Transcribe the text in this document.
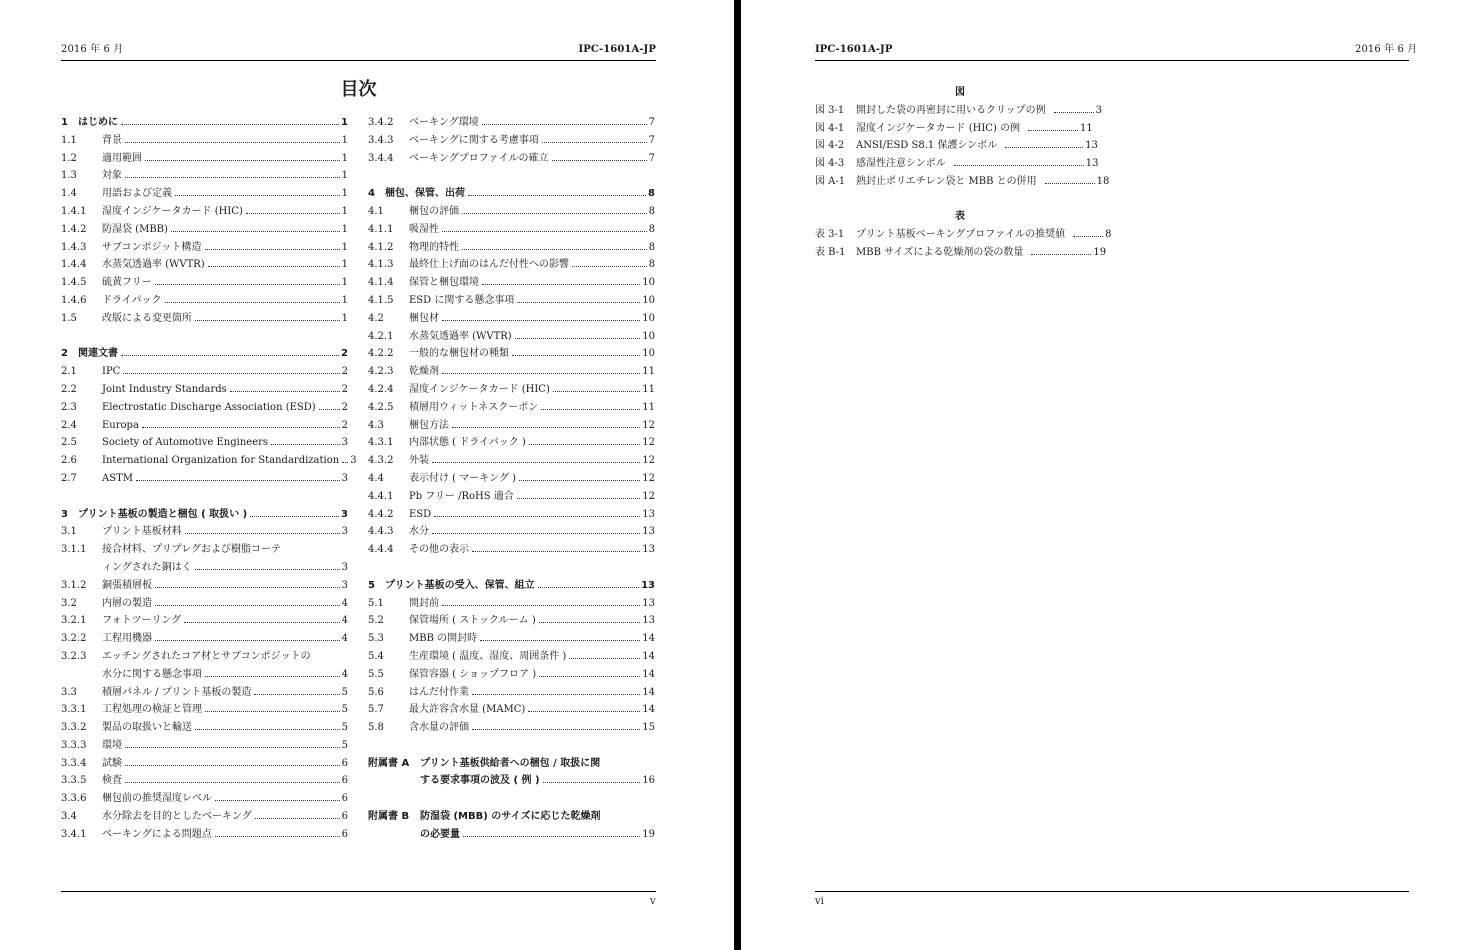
2016 年 6 月	IPC-1601A-JP
目次
1	はじめに	1
1.1	背景	1
1.2	適用範囲	1
1.3	対象	1
1.4	用語および定義	1
1.4.1	湿度インジケータカード (HIC)	1
1.4.2	防湿袋 (MBB)	1
1.4.3	サブコンポジット構造	1
1.4.4	水蒸気透過率 (WVTR)	1
1.4.5	硫黄フリー	1
1.4.6	ドライパック	1
1.5	改版による変更箇所	1
2	関連文書	2
2.1	IPC	2
2.2	Joint Industry Standards	2
2.3	Electrostatic Discharge Association (ESD)	2
2.4	Europa	2
2.5	Society of Automotive Engineers	3
2.6	International Organization for Standardization 3
2.7	ASTM	3
3	プリント基板の製造と梱包 ( 取扱い )	3
3.1	プリント基板材料	3
3.1.1	接合材料、プリプレグおよび樹脂コーテ
ィングされた銅はく	3
3.1.2	銅張積層板	3
3.2	内層の製造	4
3.2.1	フォトツーリング	4
3.2.2	工程用機器	4
3.2.3	エッチングされたコア材とサブコンポジットの
水分に関する懸念事項	4
3.3	積層パネル / プリント基板の製造	5
3.3.1	工程処理の検証と管理	5
3.3.2	製品の取扱いと輸送	5
3.3.3	環境	5
3.3.4	試験	6
3.3.5	検査	6
3.3.6	梱包前の推奨湿度レベル	6
3.4	水分除去を目的としたベーキング	6
3.4.1	ベーキングによる問題点	6
3.4.2	ベーキング環境	7
3.4.3	ベーキングに関する考慮事項	7
3.4.4	ベーキングプロファイルの確立	7
4	梱包、保管、出荷	8
4.1	梱包の評価	8
4.1.1	吸湿性	8
4.1.2	物理的特性	8
4.1.3	最終仕上げ面のはんだ付性への影響	8
4.1.4	保管と梱包環境	10
4.1.5	ESD に関する懸念事項	10
4.2	梱包材	10
4.2.1	水蒸気透過率 (WVTR)	10
4.2.2	一般的な梱包材の種類	10
4.2.3	乾燥剤	11
4.2.4	湿度インジケータカード (HIC)	11
4.2.5	積層用ウィットネスクーポン	11
4.3	梱包方法	12
4.3.1	内部状態 ( ドライパック )	12
4.3.2	外装	12
4.4	表示付け ( マーキング )	12
4.4.1	Pb フリー /RoHS 適合	12
4.4.2	ESD	13
4.4.3	水分	13
4.4.4	その他の表示	13
5	プリント基板の受入、保管、組立	13
5.1	開封前	13
5.2	保管場所 ( ストックルーム )	13
5.3	MBB の開封時	14
5.4	生産環境 ( 温度、湿度、周囲条件 )	14
5.5	保管容器 ( ショップフロア )	14
5.6	はんだ付作業	14
5.7	最大許容含水量 (MAMC)	14
5.8	含水量の評価	15
附属書 A	プリント基板供給者への梱包 / 取扱に関
する要求事項の波及 ( 例 )	16
附属書 B	防湿袋 (MBB) のサイズに応じた乾燥剤
の必要量	19
v
IPC-1601A-JP	2016 年 6 月
図
図 3-1	開封した袋の再密封に用いるクリップの例	3
図 4-1	湿度インジケータカード (HIC) の例	11
図 4-2	ANSI/ESD S8.1 保護シンボル	13
図 4-3	感湿性注意シンボル	13
図 A-1	熱封止ポリエチレン袋と MBB との併用	18
表
表 3-1	プリント基板ベーキングプロファイルの推奨値	8
表 B-1	MBB サイズによる乾燥剤の袋の数量	19
vi
